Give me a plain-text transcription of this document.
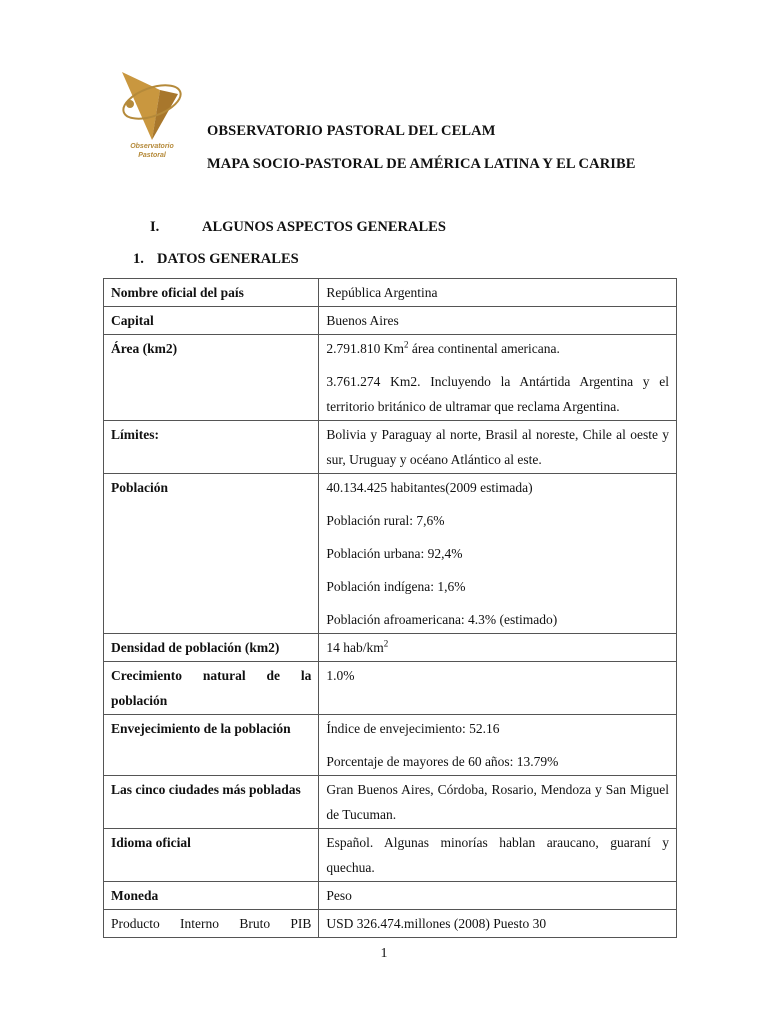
Observatorio
Pastoral
OBSERVATORIO PASTORAL DEL CELAM
MAPA SOCIO-PASTORAL DE AMÉRICA LATINA Y EL CARIBE
I.	ALGUNOS ASPECTOS GENERALES
1. DATOS GENERALES
Nombre oficial del país	República Argentina
Capital	Buenos Aires
Área (km2)	2.791.810 Km$^2$ área continental americana.

3.761.274 Km2. Incluyendo la Antártida Argentina y el territorio británico de ultramar que reclama Argentina.

Límites:	Bolivia y Paraguay al norte, Brasil al noreste, Chile al oeste y sur, Uruguay y océano Atlántico al este.
Población	40.134.425 habitantes(2009 estimada)

Población rural: 7,6%

Población urbana: 92,4%

Población indígena: 1,6%

Población afroamericana: 4.3% (estimado)

Densidad de población (km2)	14 hab/$km^2$
Crecimiento natural de la población	1.0%
Envejecimiento de la población	Índice de envejecimiento: 52.16

Porcentaje de mayores de 60 años: 13.79%

Las cinco ciudades más pobladas	Gran Buenos Aires, Córdoba, Rosario, Mendoza y San Miguel de Tucuman.
Idioma oficial	Español. Algunas minorías hablan araucano, guaraní y quechua.
Moneda	Peso
Producto Interno Bruto PIB	USD 326.474.millones (2008) Puesto 30
1
